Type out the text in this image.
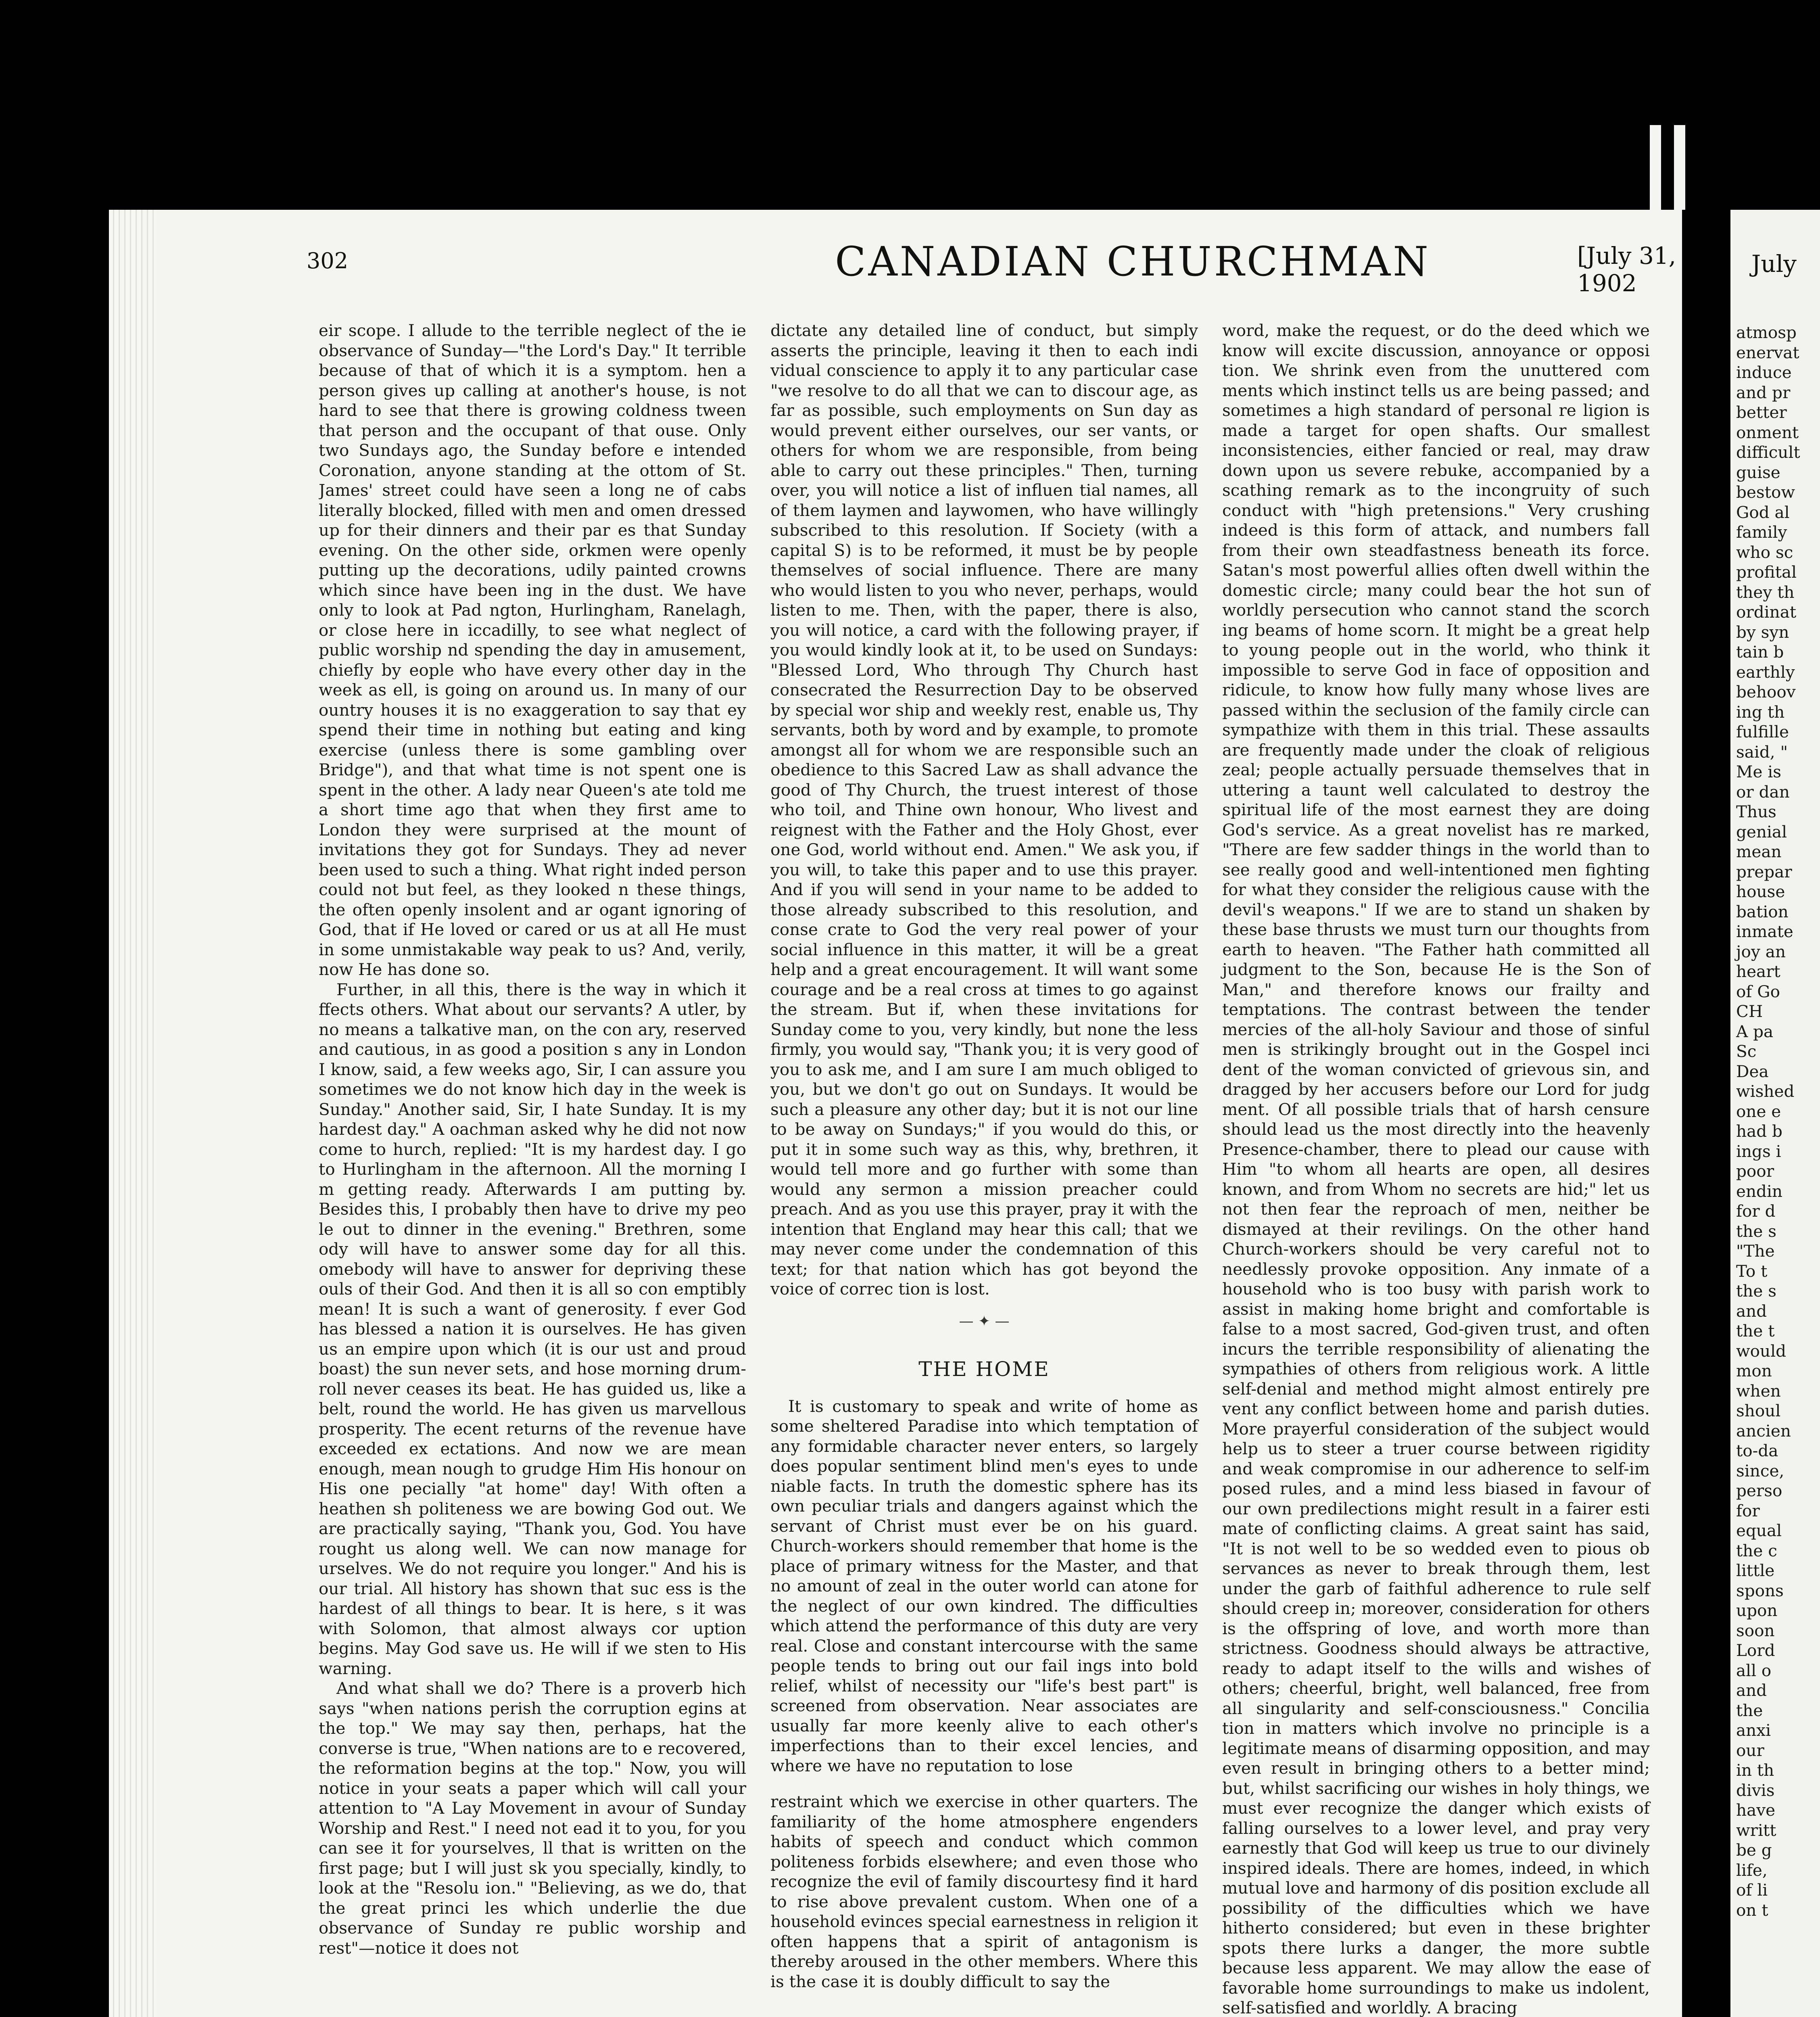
302	CANADIAN CHURCHMAN	[July 31, 1902

eir scope. I allude to the terrible neglect of the ie observance of Sunday—"the Lord's Day." It terrible because of that of which it is a symptom. hen a person gives up calling at another's house, is not hard to see that there is growing coldness tween that person and the occupant of that ouse. Only two Sundays ago, the Sunday before e intended Coronation, anyone standing at the ottom of St. James' street could have seen a long ne of cabs literally blocked, filled with men and omen dressed up for their dinners and their par es that Sunday evening. On the other side, orkmen were openly putting up the decorations, udily painted crowns which since have been ing in the dust. We have only to look at Pad ngton, Hurlingham, Ranelagh, or close here in iccadilly, to see what neglect of public worship nd spending the day in amusement, chiefly by eople who have every other day in the week as ell, is going on around us. In many of our ountry houses it is no exaggeration to say that ey spend their time in nothing but eating and king exercise (unless there is some gambling over Bridge"), and that what time is not spent one is spent in the other. A lady near Queen's ate told me a short time ago that when they first ame to London they were surprised at the mount of invitations they got for Sundays. They ad never been used to such a thing. What right inded person could not but feel, as they looked n these things, the often openly insolent and ar ogant ignoring of God, that if He loved or cared or us at all He must in some unmistakable way peak to us? And, verily, now He has done so.

Further, in all this, there is the way in which it ffects others. What about our servants? A utler, by no means a talkative man, on the con ary, reserved and cautious, in as good a position s any in London I know, said, a few weeks ago, Sir, I can assure you sometimes we do not know hich day in the week is Sunday." Another said, Sir, I hate Sunday. It is my hardest day." A oachman asked why he did not now come to hurch, replied: "It is my hardest day. I go to Hurlingham in the afternoon. All the morning I m getting ready. Afterwards I am putting by. Besides this, I probably then have to drive my peo le out to dinner in the evening." Brethren, some ody will have to answer some day for all this. omebody will have to answer for depriving these ouls of their God. And then it is all so con emptibly mean! It is such a want of generosity. f ever God has blessed a nation it is ourselves. He has given us an empire upon which (it is our ust and proud boast) the sun never sets, and hose morning drum-roll never ceases its beat. He has guided us, like a belt, round the world. He has given us marvellous prosperity. The ecent returns of the revenue have exceeded ex ectations. And now we are mean enough, mean nough to grudge Him His honour on His one pecially "at home" day! With often a heathen sh politeness we are bowing God out. We are practically saying, "Thank you, God. You have rought us along well. We can now manage for urselves. We do not require you longer." And his is our trial. All history has shown that suc ess is the hardest of all things to bear. It is here, s it was with Solomon, that almost always cor uption begins. May God save us. He will if we sten to His warning.

And what shall we do? There is a proverb hich says "when nations perish the corruption egins at the top." We may say then, perhaps, hat the converse is true, "When nations are to e recovered, the reformation begins at the top." Now, you will notice in your seats a paper which will call your attention to "A Lay Movement in avour of Sunday Worship and Rest." I need not ead it to you, for you can see it for yourselves, ll that is written on the first page; but I will just sk you specially, kindly, to look at the "Resolu ion." "Believing, as we do, that the great princi les which underlie the due observance of Sunday re public worship and rest"—notice it does not

dictate any detailed line of conduct, but simply asserts the principle, leaving it then to each indi vidual conscience to apply it to any particular case "we resolve to do all that we can to discour age, as far as possible, such employments on Sun day as would prevent either ourselves, our ser vants, or others for whom we are responsible, from being able to carry out these principles." Then, turning over, you will notice a list of influen tial names, all of them laymen and laywomen, who have willingly subscribed to this resolution. If Society (with a capital S) is to be reformed, it must be by people themselves of social influence. There are many who would listen to you who never, perhaps, would listen to me. Then, with the paper, there is also, you will notice, a card with the following prayer, if you would kindly look at it, to be used on Sundays: "Blessed Lord, Who through Thy Church hast consecrated the Resurrection Day to be observed by special wor ship and weekly rest, enable us, Thy servants, both by word and by example, to promote amongst all for whom we are responsible such an obedience to this Sacred Law as shall advance the good of Thy Church, the truest interest of those who toil, and Thine own honour, Who livest and reignest with the Father and the Holy Ghost, ever one God, world without end. Amen." We ask you, if you will, to take this paper and to use this prayer. And if you will send in your name to be added to those already subscribed to this resolution, and conse crate to God the very real power of your social influence in this matter, it will be a great help and a great encouragement. It will want some courage and be a real cross at times to go against the stream. But if, when these invitations for Sunday come to you, very kindly, but none the less firmly, you would say, "Thank you; it is very good of you to ask me, and I am sure I am much obliged to you, but we don't go out on Sundays. It would be such a pleasure any other day; but it is not our line to be away on Sundays;" if you would do this, or put it in some such way as this, why, brethren, it would tell more and go further with some than would any sermon a mission preacher could preach. And as you use this prayer, pray it with the intention that England may hear this call; that we may never come under the condemnation of this text; for that nation which has got beyond the voice of correc tion is lost.

— ✦ —
THE HOME

It is customary to speak and write of home as some sheltered Paradise into which temptation of any formidable character never enters, so largely does popular sentiment blind men's eyes to unde niable facts. In truth the domestic sphere has its own peculiar trials and dangers against which the servant of Christ must ever be on his guard. Church-workers should remember that home is the place of primary witness for the Master, and that no amount of zeal in the outer world can atone for the neglect of our own kindred. The difficulties which attend the performance of this duty are very real. Close and constant intercourse with the same people tends to bring out our fail ings into bold relief, whilst of necessity our "life's best part" is screened from observation. Near associates are usually far more keenly alive to each other's imperfections than to their excel lencies, and where we have no reputation to lose

restraint which we exercise in other quarters. The familiarity of the home atmosphere engenders habits of speech and conduct which common politeness forbids elsewhere; and even those who recognize the evil of family discourtesy find it hard to rise above prevalent custom. When one of a household evinces special earnestness in religion it often happens that a spirit of antagonism is thereby aroused in the other members. Where this is the case it is doubly difficult to say the

word, make the request, or do the deed which we know will excite discussion, annoyance or opposi tion. We shrink even from the unuttered com ments which instinct tells us are being passed; and sometimes a high standard of personal re ligion is made a target for open shafts. Our smallest inconsistencies, either fancied or real, may draw down upon us severe rebuke, accompanied by a scathing remark as to the incongruity of such conduct with "high pretensions." Very crushing indeed is this form of attack, and numbers fall from their own steadfastness beneath its force. Satan's most powerful allies often dwell within the domestic circle; many could bear the hot sun of worldly persecution who cannot stand the scorch ing beams of home scorn. It might be a great help to young people out in the world, who think it impossible to serve God in face of opposition and ridicule, to know how fully many whose lives are passed within the seclusion of the family circle can sympathize with them in this trial. These assaults are frequently made under the cloak of religious zeal; people actually persuade themselves that in uttering a taunt well calculated to destroy the spiritual life of the most earnest they are doing God's service. As a great novelist has re marked, "There are few sadder things in the world than to see really good and well-intentioned men fighting for what they consider the religious cause with the devil's weapons." If we are to stand un shaken by these base thrusts we must turn our thoughts from earth to heaven. "The Father hath committed all judgment to the Son, because He is the Son of Man," and therefore knows our frailty and temptations. The contrast between the tender mercies of the all-holy Saviour and those of sinful men is strikingly brought out in the Gospel inci dent of the woman convicted of grievous sin, and dragged by her accusers before our Lord for judg ment. Of all possible trials that of harsh censure should lead us the most directly into the heavenly Presence-chamber, there to plead our cause with Him "to whom all hearts are open, all desires known, and from Whom no secrets are hid;" let us not then fear the reproach of men, neither be dismayed at their revilings. On the other hand Church-workers should be very careful not to needlessly provoke opposition. Any inmate of a household who is too busy with parish work to assist in making home bright and comfortable is false to a most sacred, God-given trust, and often incurs the terrible responsibility of alienating the sympathies of others from religious work. A little self-denial and method might almost entirely pre vent any conflict between home and parish duties. More prayerful consideration of the subject would help us to steer a truer course between rigidity and weak compromise in our adherence to self-im posed rules, and a mind less biased in favour of our own predilections might result in a fairer esti mate of conflicting claims. A great saint has said, "It is not well to be so wedded even to pious ob servances as never to break through them, lest under the garb of faithful adherence to rule self should creep in; moreover, consideration for others is the offspring of love, and worth more than strictness. Goodness should always be attractive, ready to adapt itself to the wills and wishes of others; cheerful, bright, well balanced, free from all singularity and self-consciousness." Concilia tion in matters which involve no principle is a legitimate means of disarming opposition, and may even result in bringing others to a better mind; but, whilst sacrificing our wishes in holy things, we must ever recognize the danger which exists of falling ourselves to a lower level, and pray very earnestly that God will keep us true to our divinely inspired ideals. There are homes, indeed, in which mutual love and harmony of dis position exclude all possibility of the difficulties which we have hitherto considered; but even in these brighter spots there lurks a danger, the more subtle because less apparent. We may allow the ease of favorable home surroundings to make us indolent, self-satisfied and worldly. A bracing

July
atmosp
enervat
induce
and pr
better
onment
difficult
guise
bestow
God al
family
who sc
profital
they th
ordinat
by syn
tain b
earthly
behoov
ing th
fulfille
said, "
Me is
or dan
Thus
genial
mean
prepar
house
bation
inmate
joy an
heart
of Go
CH
A pa
Sc
Dea
wished
one e
had b
ings i
poor
endin
for d
the s
"The
To t
the s
and
the t
would
mon
when
shoul
ancien
to-da
since,
perso
for
equal
the c
little
spons
upon
soon
Lord
all o
and
the
anxi
our
in th
divis
have
writt
be g
life,
of li
on t
